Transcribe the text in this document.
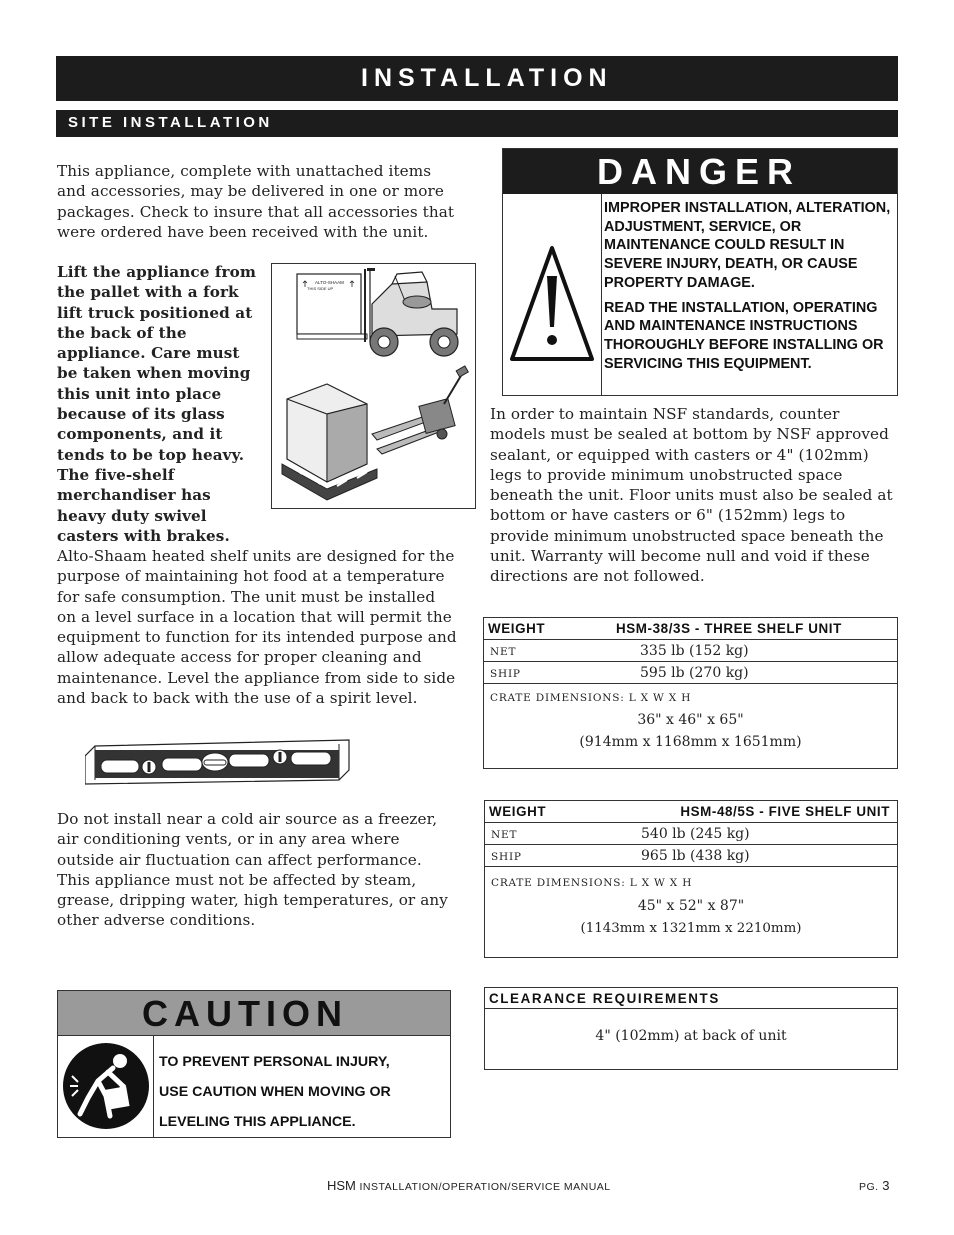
INSTALLATION
SITE INSTALLATION
This appliance, complete with unattached items and accessories, may be delivered in one or more packages. Check to insure that all accessories that were ordered have been received with the unit.
Lift the appliance from the pallet with a fork lift truck positioned at the back of the appliance. Care must be taken when moving this unit into place because of its glass components, and it tends to be top heavy. The five-shelf merchandiser has heavy duty swivel casters with brakes.
ALTO-SHAAM
THIS SIDE UP
Alto-Shaam heated shelf units are designed for the purpose of maintaining hot food at a temperature for safe consumption. The unit must be installed on a level surface in a location that will permit the equipment to function for its intended purpose and allow adequate access for proper cleaning and maintenance. Level the appliance from side to side and back to back with the use of a spirit level.
Do not install near a cold air source as a freezer, air conditioning vents, or in any area where outside air fluctuation can affect performance. This appliance must not be affected by steam, grease, dripping water, high temperatures, or any other adverse conditions.
DANGER

IMPROPER INSTALLATION, ALTERATION, ADJUSTMENT, SERVICE, OR MAINTENANCE COULD RESULT IN SEVERE INJURY, DEATH, OR CAUSE PROPERTY DAMAGE.

READ THE INSTALLATION, OPERATING AND MAINTENANCE INSTRUCTIONS THOROUGHLY BEFORE INSTALLING OR SERVICING THIS EQUIPMENT.

In order to maintain NSF standards, counter models must be sealed at bottom by NSF approved sealant, or equipped with casters or 4" (102mm) legs to provide minimum unobstructed space beneath the unit. Floor units must also be sealed at bottom or have casters or 6" (152mm) legs to provide minimum unobstructed space beneath the unit. Warranty will become null and void if these directions are not followed.
WEIGHT	HSM-38/3S - THREE SHELF UNIT
NET	335 lb (152 kg)
SHIP	595 lb (270 kg)
CRATE DIMENSIONS: L X W X H
36" x 46" x 65"
(914mm x 1168mm x 1651mm)
WEIGHT	HSM-48/5S - FIVE SHELF UNIT
NET	540 lb (245 kg)
SHIP	965 lb (438 kg)
CRATE DIMENSIONS: L X W X H
45" x 52" x 87"
(1143mm x 1321mm x 2210mm)
CLEARANCE REQUIREMENTS
4" (102mm) at back of unit
CAUTION
TO PREVENT PERSONAL INJURY,
USE CAUTION WHEN MOVING OR
LEVELING THIS APPLIANCE.
HSM INSTALLATION/OPERATION/SERVICE MANUAL	PG. 3
